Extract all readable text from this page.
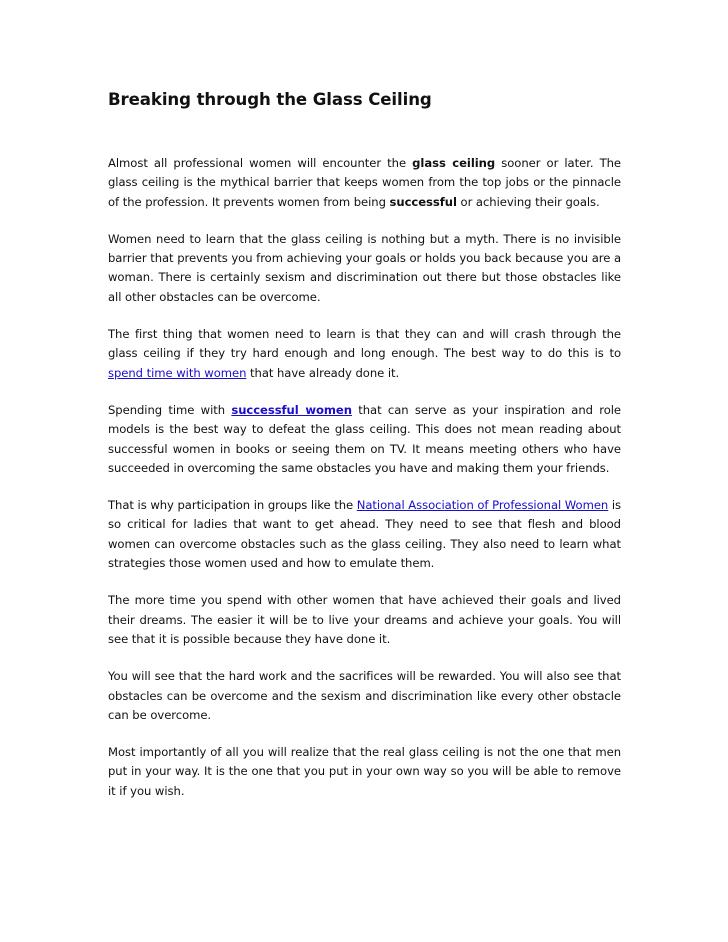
Breaking through the Glass Ceiling

Almost all professional women will encounter the glass ceiling sooner or later. The glass ceiling is the mythical barrier that keeps women from the top jobs or the pinnacle of the profession. It prevents women from being successful or achieving their goals.

Women need to learn that the glass ceiling is nothing but a myth. There is no invisible barrier that prevents you from achieving your goals or holds you back because you are a woman. There is certainly sexism and discrimination out there but those obstacles like all other obstacles can be overcome.

The first thing that women need to learn is that they can and will crash through the glass ceiling if they try hard enough and long enough. The best way to do this is to spend time with women that have already done it.

Spending time with successful women that can serve as your inspiration and role models is the best way to defeat the glass ceiling. This does not mean reading about successful women in books or seeing them on TV. It means meeting others who have succeeded in overcoming the same obstacles you have and making them your friends.

That is why participation in groups like the National Association of Professional Women is so critical for ladies that want to get ahead. They need to see that flesh and blood women can overcome obstacles such as the glass ceiling. They also need to learn what strategies those women used and how to emulate them.

The more time you spend with other women that have achieved their goals and lived their dreams. The easier it will be to live your dreams and achieve your goals. You will see that it is possible because they have done it.

You will see that the hard work and the sacrifices will be rewarded. You will also see that obstacles can be overcome and the sexism and discrimination like every other obstacle can be overcome.

Most importantly of all you will realize that the real glass ceiling is not the one that men put in your way. It is the one that you put in your own way so you will be able to remove it if you wish.
